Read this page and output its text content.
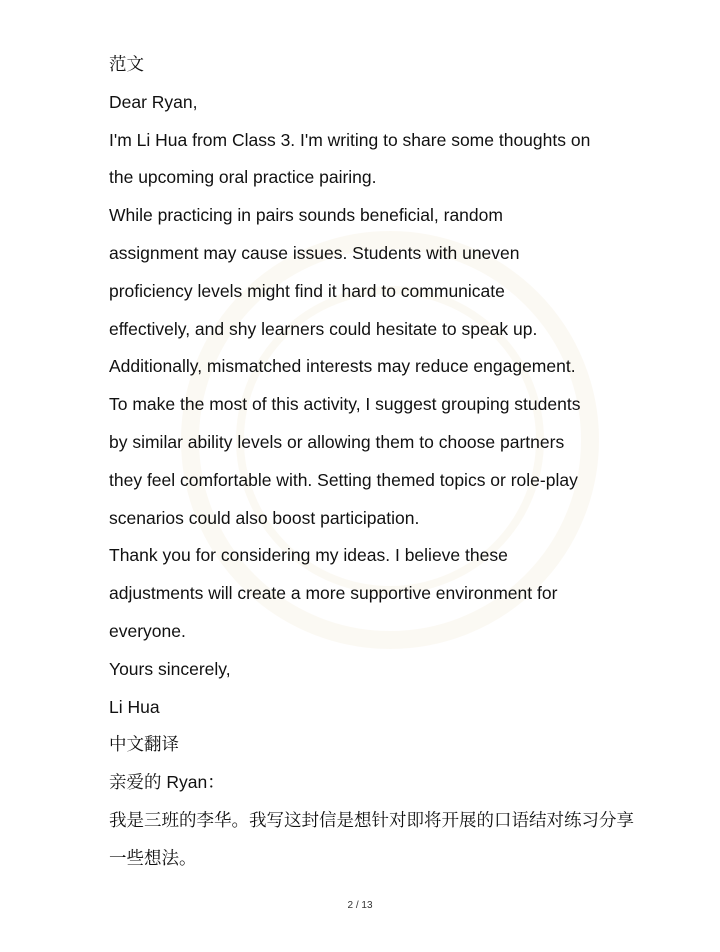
范文

Dear Ryan,

I'm Li Hua from Class 3. I'm writing to share some thoughts on

the upcoming oral practice pairing.

While practicing in pairs sounds beneficial, random

assignment may cause issues. Students with uneven

proficiency levels might find it hard to communicate

effectively, and shy learners could hesitate to speak up.

Additionally, mismatched interests may reduce engagement.

To make the most of this activity, I suggest grouping students

by similar ability levels or allowing them to choose partners

they feel comfortable with. Setting themed topics or role-play

scenarios could also boost participation.

Thank you for considering my ideas. I believe these

adjustments will create a more supportive environment for

everyone.

Yours sincerely,

Li Hua

中文翻译

亲爱的 Ryan：

我是三班的李华。我写这封信是想针对即将开展的口语结对练习分享

一些想法。

2 / 13
